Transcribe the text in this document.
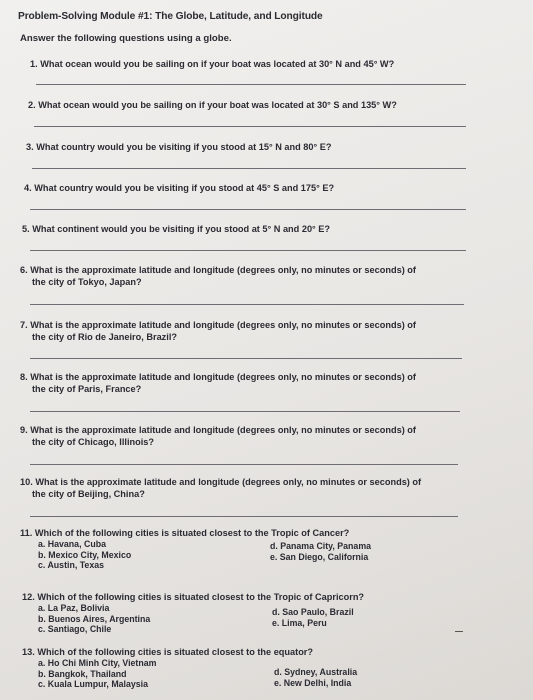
Problem-Solving Module #1: The Globe, Latitude, and Longitude
Answer the following questions using a globe.
1. What ocean would you be sailing on if your boat was located at 30° N and 45° W?
2. What ocean would you be sailing on if your boat was located at 30° S and 135° W?
3. What country would you be visiting if you stood at 15° N and 80° E?
4. What country would you be visiting if you stood at 45° S and 175° E?
5. What continent would you be visiting if you stood at 5° N and 20° E?
6. What is the approximate latitude and longitude (degrees only, no minutes or seconds) of
the city of Tokyo, Japan?
7. What is the approximate latitude and longitude (degrees only, no minutes or seconds) of
the city of Rio de Janeiro, Brazil?
8. What is the approximate latitude and longitude (degrees only, no minutes or seconds) of
the city of Paris, France?
9. What is the approximate latitude and longitude (degrees only, no minutes or seconds) of
the city of Chicago, Illinois?
10. What is the approximate latitude and longitude (degrees only, no minutes or seconds) of
the city of Beijing, China?
11. Which of the following cities is situated closest to the Tropic of Cancer?
a. Havana, Cuba
b. Mexico City, Mexico
c. Austin, Texas
d. Panama City, Panama
e. San Diego, California
12. Which of the following cities is situated closest to the Tropic of Capricorn?
a. La Paz, Bolivia
b. Buenos Aires, Argentina
c. Santiago, Chile
d. Sao Paulo, Brazil
e. Lima, Peru
13. Which of the following cities is situated closest to the equator?
a. Ho Chi Minh City, Vietnam
b. Bangkok, Thailand
c. Kuala Lumpur, Malaysia
d. Sydney, Australia
e. New Delhi, India
